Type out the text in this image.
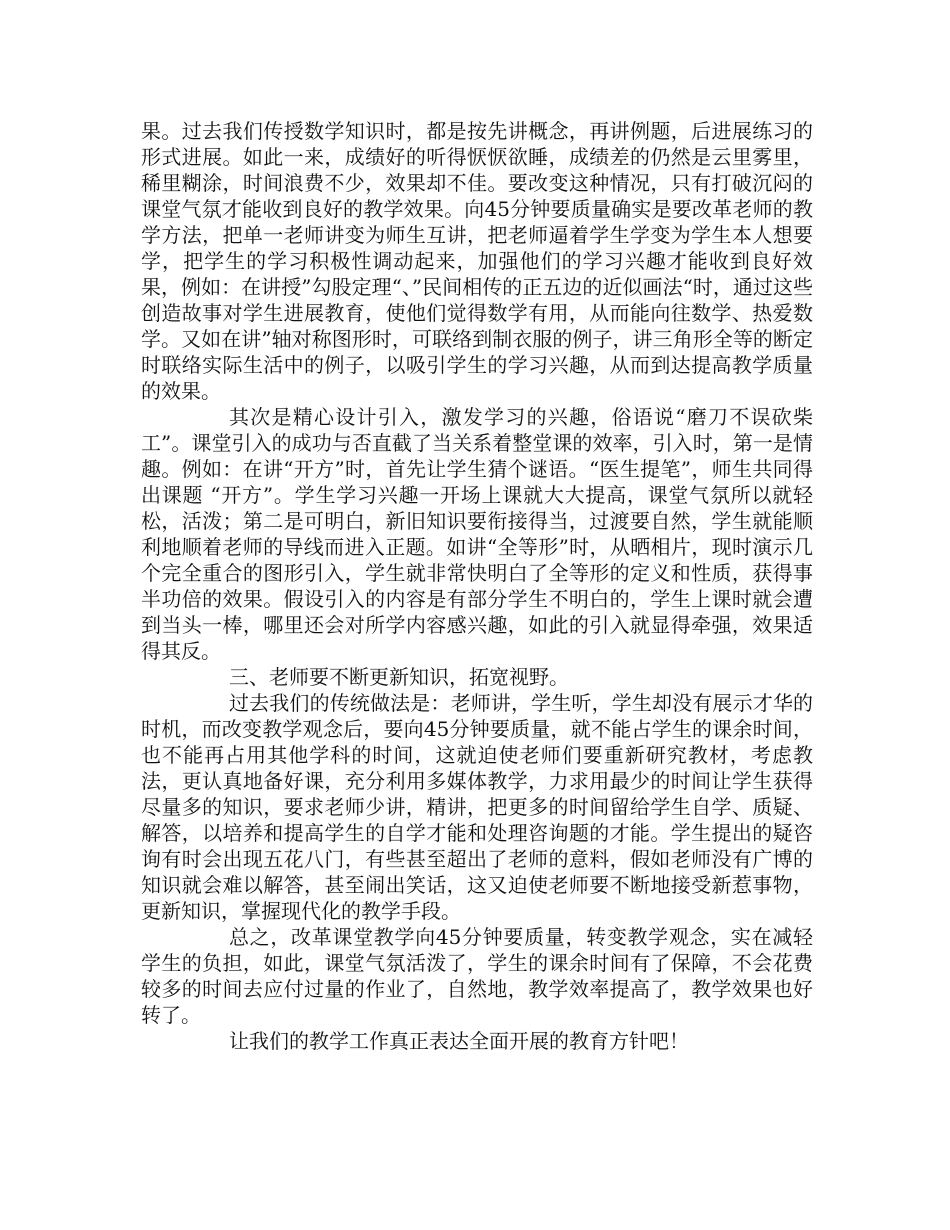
果。过去我们传授数学知识时，都是按先讲概念，再讲例题，后进展练习的形式进展。如此一来，成绩好的听得恹恹欲睡，成绩差的仍然是云里雾里，稀里糊涂，时间浪费不少，效果却不佳。要改变这种情况，只有打破沉闷的课堂气氛才能收到良好的教学效果。向45分钟要质量确实是要改革老师的教学方法，把单一老师讲变为师生互讲，把老师逼着学生学变为学生本人想要学，把学生的学习积极性调动起来，加强他们的学习兴趣才能收到良好效果，例如：在讲授”勾股定理“、”民间相传的正五边的近似画法“时，通过这些创造故事对学生进展教育，使他们觉得数学有用，从而能向往数学、热爱数学。又如在讲”轴对称图形时，可联络到制衣服的例子，讲三角形全等的断定时联络实际生活中的例子，以吸引学生的学习兴趣，从而到达提高教学质量的效果。

其次是精心设计引入，激发学习的兴趣，俗语说“磨刀不误砍柴工”。课堂引入的成功与否直截了当关系着整堂课的效率，引入时，第一是情趣。例如：在讲“开方”时，首先让学生猜个谜语。“医生提笔”，师生共同得出课题 “开方”。学生学习兴趣一开场上课就大大提高，课堂气氛所以就轻松，活泼；第二是可明白，新旧知识要衔接得当，过渡要自然，学生就能顺利地顺着老师的导线而进入正题。如讲“全等形”时，从晒相片，现时演示几个完全重合的图形引入，学生就非常快明白了全等形的定义和性质，获得事半功倍的效果。假设引入的内容是有部分学生不明白的，学生上课时就会遭到当头一棒，哪里还会对所学内容感兴趣，如此的引入就显得牵强，效果适得其反。

三、老师要不断更新知识，拓宽视野。

过去我们的传统做法是：老师讲，学生听，学生却没有展示才华的时机，而改变教学观念后，要向45分钟要质量，就不能占学生的课余时间，也不能再占用其他学科的时间，这就迫使老师们要重新研究教材，考虑教法，更认真地备好课，充分利用多媒体教学，力求用最少的时间让学生获得尽量多的知识，要求老师少讲，精讲，把更多的时间留给学生自学、质疑、解答，以培养和提高学生的自学才能和处理咨询题的才能。学生提出的疑咨询有时会出现五花八门，有些甚至超出了老师的意料，假如老师没有广博的知识就会难以解答，甚至闹出笑话，这又迫使老师要不断地接受新惹事物，更新知识，掌握现代化的教学手段。

总之，改革课堂教学向45分钟要质量，转变教学观念，实在减轻学生的负担，如此，课堂气氛活泼了，学生的课余时间有了保障，不会花费较多的时间去应付过量的作业了，自然地，教学效率提高了，教学效果也好转了。

让我们的教学工作真正表达全面开展的教育方针吧！
